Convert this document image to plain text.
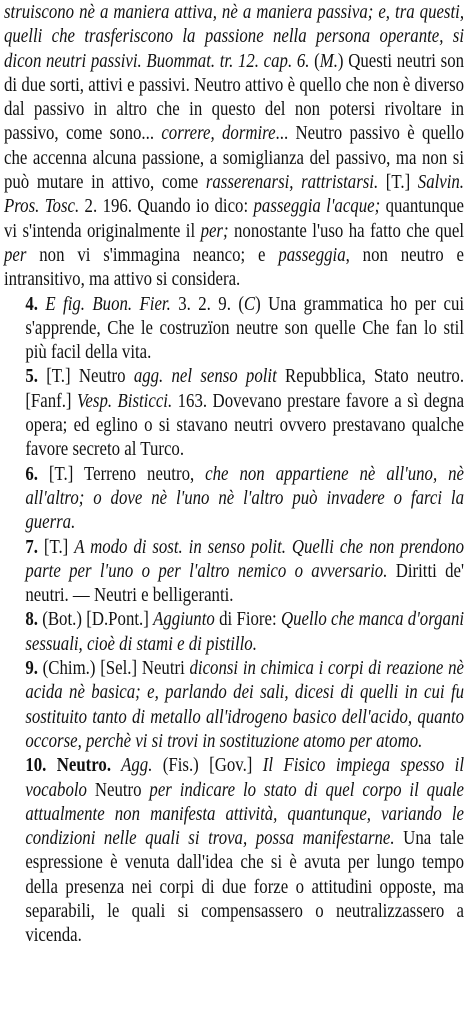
struiscono nè a maniera attiva, nè a maniera passiva; e, tra questi, quelli che trasferiscono la passione nella persona operante, si dicon neutri passivi. Buommat. tr. 12. cap. 6. (M.) Questi neutri son di due sorti, attivi e passivi. Neutro attivo è quello che non è diverso dal passivo in altro che in questo del non potersi rivoltare in passivo, come sono... correre, dormire... Neutro passivo è quello che accenna alcuna passione, a somiglianza del passivo, ma non si può mutare in attivo, come rasserenarsi, rattristarsi. [T.] Salvin. Pros. Tosc. 2. 196. Quando io dico: passeggia l'acque; quantunque vi s'intenda originalmente il per; nonostante l'uso ha fatto che quel per non vi s'immagina neanco; e passeggia, non neutro e intransitivo, ma attivo si considera.

4. E fig. Buon. Fier. 3. 2. 9. (C) Una grammatica ho per cui s'apprende, Che le costruzïon neutre son quelle Che fan lo stil più facil della vita.

5. [T.] Neutro agg. nel senso polit Repubblica, Stato neutro. [Fanf.] Vesp. Bisticci. 163. Dovevano prestare favore a sì degna opera; ed eglino o si stavano neutri ovvero prestavano qualche favore secreto al Turco.

6. [T.] Terreno neutro, che non appartiene nè all'uno, nè all'altro; o dove nè l'uno nè l'altro può invadere o farci la guerra.

7. [T.] A modo di sost. in senso polit. Quelli che non prendono parte per l'uno o per l'altro nemico o avversario. Diritti de' neutri. — Neutri e belligeranti.

8. (Bot.) [D.Pont.] Aggiunto di Fiore: Quello che manca d'organi sessuali, cioè di stami e di pistillo.

9. (Chim.) [Sel.] Neutri diconsi in chimica i corpi di reazione nè acida nè basica; e, parlando dei sali, dicesi di quelli in cui fu sostituito tanto di metallo all'idrogeno basico dell'acido, quanto occorse, perchè vi si trovi in sostituzione atomo per atomo.

10. Neutro. Agg. (Fis.) [Gov.] Il Fisico impiega spesso il vocabolo Neutro per indicare lo stato di quel corpo il quale attualmente non manifesta attività, quantunque, variando le condizioni nelle quali si trova, possa manifestarne. Una tale espressione è venuta dall'idea che si è avuta per lungo tempo della presenza nei corpi di due forze o attitudini opposte, ma separabili, le quali si compensassero o neutralizzassero a vicenda.
